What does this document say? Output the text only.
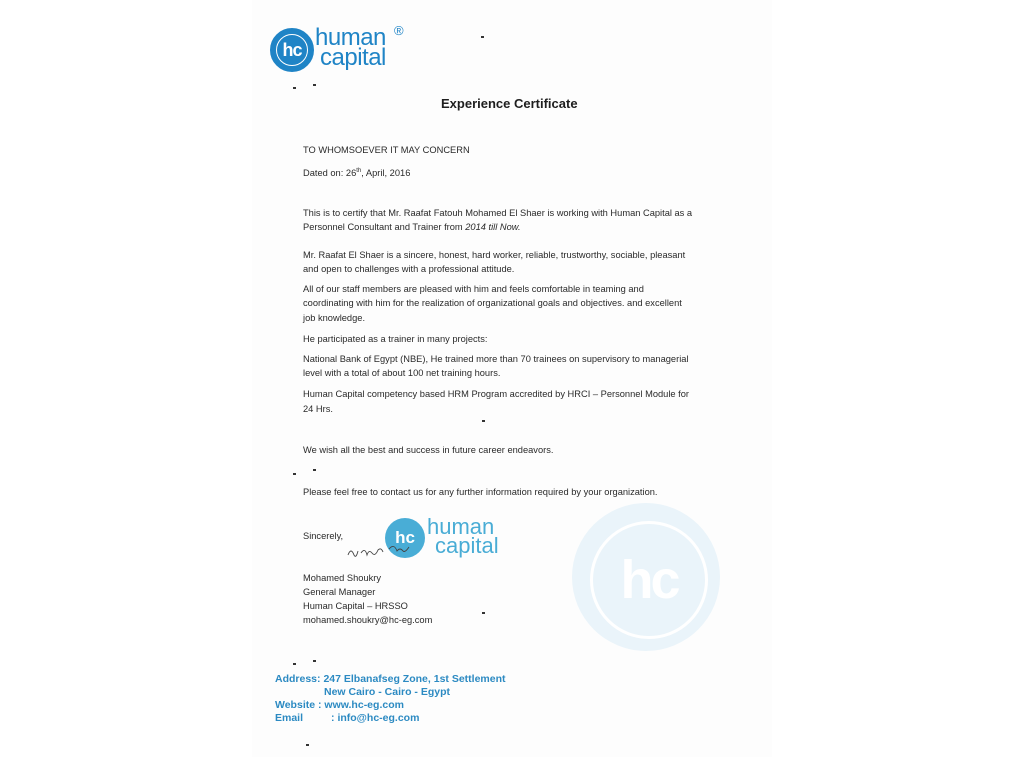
hc
hc human
capital
®
Experience Certificate
TO WHOMSOEVER IT MAY CONCERN
Dated on: 26th, April, 2016
This is to certify that Mr. Raafat Fatouh Mohamed El Shaer is working with Human Capital as a
Personnel Consultant and Trainer from 2014 till Now.
Mr. Raafat El Shaer is a sincere, honest, hard worker, reliable, trustworthy, sociable, pleasant
and open to challenges with a professional attitude.
All of our staff members are pleased with him and feels comfortable in teaming and
coordinating with him for the realization of organizational goals and objectives. and excellent
job knowledge.
He participated as a trainer in many projects:
National Bank of Egypt (NBE), He trained more than 70 trainees on supervisory to managerial
level with a total of about 100 net training hours.
Human Capital competency based HRM Program accredited by HRCI – Personnel Module for
24 Hrs.
We wish all the best and success in future career endeavors.
Please feel free to contact us for any further information required by your organization.
Sincerely,	hc human
capital
Mohamed Shoukry
General Manager
Human Capital – HRSSO
mohamed.shoukry@hc-eg.com
Address: 247 Elbanafseg Zone, 1st Settlement
New Cairo - Cairo - Egypt
Website : www.hc-eg.com
Email	: info@hc-eg.com
